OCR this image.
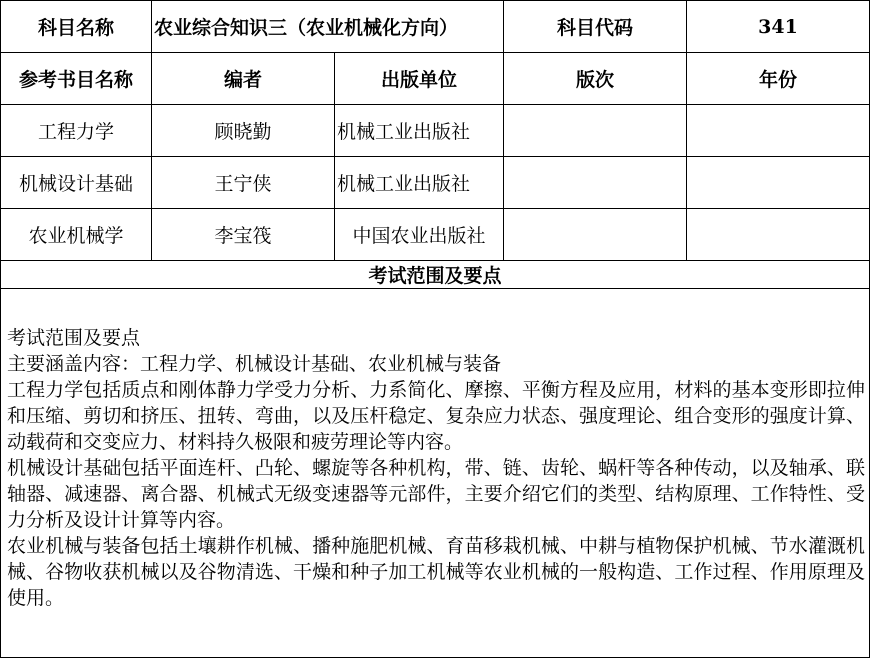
科目名称	农业综合知识三（农业机械化方向）		科目代码	341
参考书目名称	编者	出版单位	版次	年份
工程力学	顾晓勤	机械工业出版社		
机械设计基础	王宁侠	机械工业出版社		
农业机械学	李宝筏	中国农业出版社		
考试范围及要点				

考试范围及要点

主要涵盖内容：工程力学、机械设计基础、农业机械与装备

工程力学包括质点和刚体静力学受力分析、力系简化、摩擦、平衡方程及应用，材料的基本变形即拉伸和压缩、剪切和挤压、扭转、弯曲，以及压杆稳定、复杂应力状态、强度理论、组合变形的强度计算、动载荷和交变应力、材料持久极限和疲劳理论等内容。

机械设计基础包括平面连杆、凸轮、螺旋等各种机构，带、链、齿轮、蜗杆等各种传动，以及轴承、联轴器、减速器、离合器、机械式无级变速器等元部件，主要介绍它们的类型、结构原理、工作特性、受力分析及设计计算等内容。

农业机械与装备包括土壤耕作机械、播种施肥机械、育苗移栽机械、中耕与植物保护机械、节水灌溉机械、谷物收获机械以及谷物清选、干燥和种子加工机械等农业机械的一般构造、工作过程、作用原理及使用。
